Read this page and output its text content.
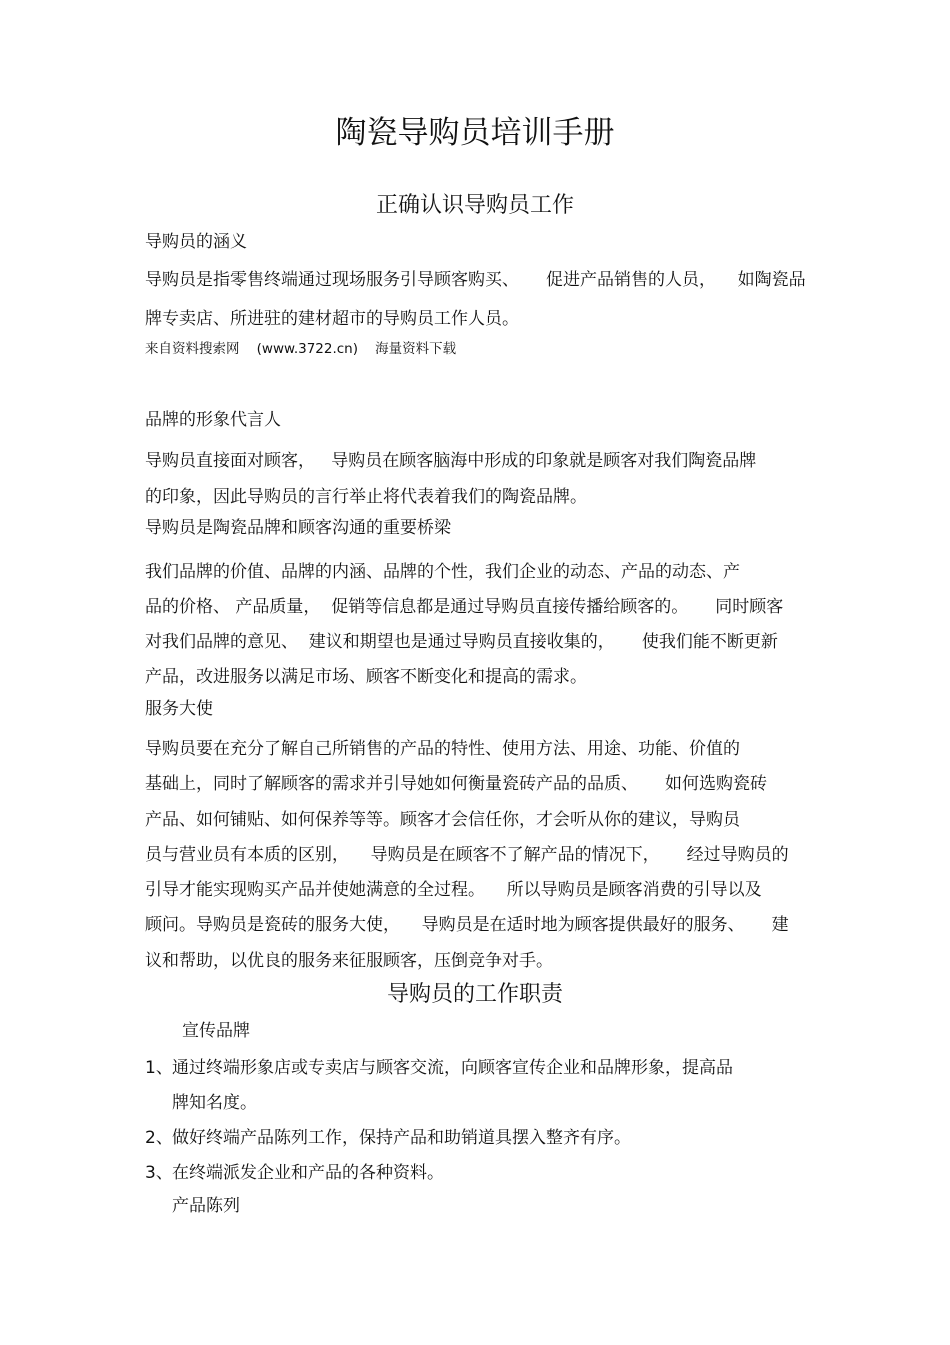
陶瓷导购员培训手册
正确认识导购员工作
导购员的涵义
导购员是指零售终端通过现场服务引导顾客购买、     促进产品销售的人员，    如陶瓷品
牌专卖店、所进驻的建材超市的导购员工作人员。
来自资料搜索网    (www.3722.cn)    海量资料下载
品牌的形象代言人
导购员直接面对顾客，   导购员在顾客脑海中形成的印象就是顾客对我们陶瓷品牌
的印象，因此导购员的言行举止将代表着我们的陶瓷品牌。
导购员是陶瓷品牌和顾客沟通的重要桥梁
我们品牌的价值、品牌的内涵、品牌的个性，我们企业的动态、产品的动态、产
品的价格、 产品质量，  促销等信息都是通过导购员直接传播给顾客的。     同时顾客
对我们品牌的意见、  建议和期望也是通过导购员直接收集的，     使我们能不断更新
产品，改进服务以满足市场、顾客不断变化和提高的需求。
服务大使
导购员要在充分了解自己所销售的产品的特性、使用方法、用途、功能、价值的
基础上，同时了解顾客的需求并引导她如何衡量瓷砖产品的品质、     如何选购瓷砖
产品、如何铺贴、如何保养等等。顾客才会信任你，才会听从你的建议，导购员
员与营业员有本质的区别，    导购员是在顾客不了解产品的情况下，     经过导购员的
引导才能实现购买产品并使她满意的全过程。    所以导购员是顾客消费的引导以及
顾问。导购员是瓷砖的服务大使，    导购员是在适时地为顾客提供最好的服务、     建
议和帮助，以优良的服务来征服顾客，压倒竞争对手。
导购员的工作职责
宣传品牌
1、 通过终端形象店或专卖店与顾客交流，向顾客宣传企业和品牌形象，提高品
牌知名度。
2、 做好终端产品陈列工作，保持产品和助销道具摆入整齐有序。
3、 在终端派发企业和产品的各种资料。
产品陈列
